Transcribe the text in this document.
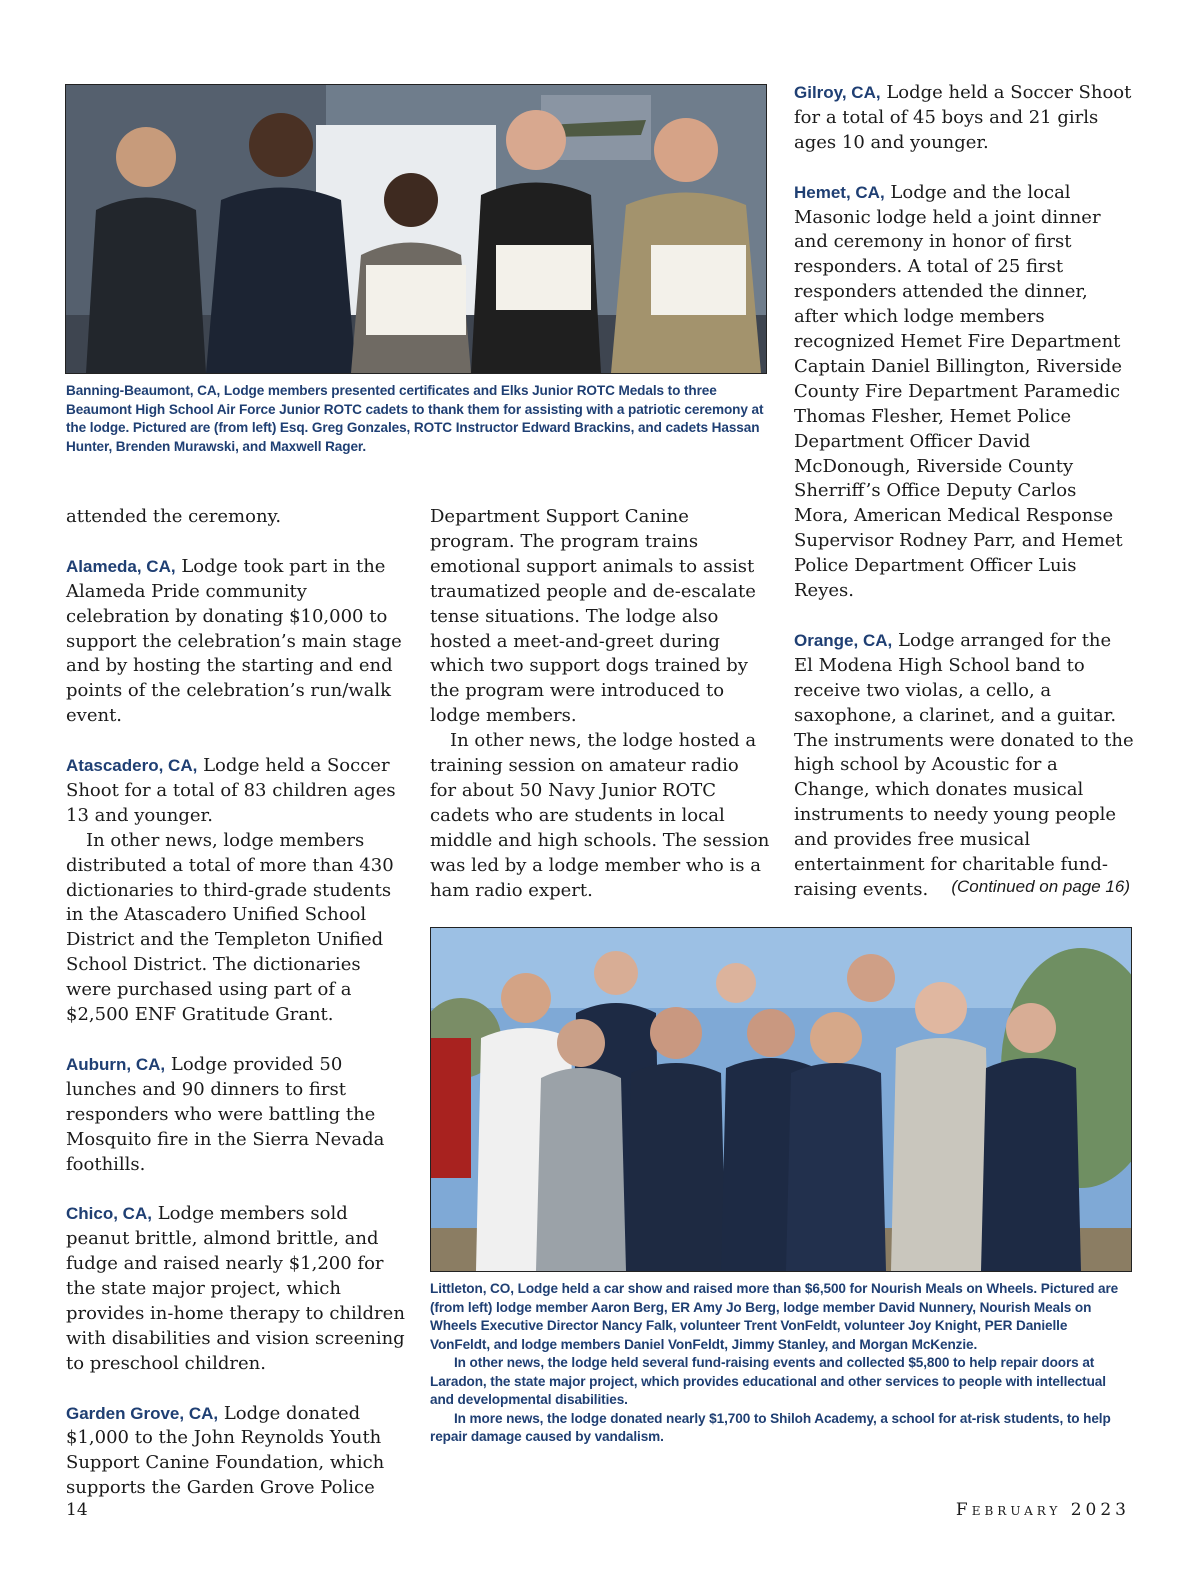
Banning-Beaumont, CA, Lodge members presented certificates and Elks Junior ROTC Medals to three Beaumont High School Air Force Junior ROTC cadets to thank them for assisting with a patriotic ceremony at the lodge. Pictured are (from left) Esq. Greg Gonzales, ROTC Instructor Edward Brackins, and cadets Hassan Hunter, Brenden Murawski, and Maxwell Rager.

attended the ceremony.

Alameda, CA, Lodge took part in the Alameda Pride community celebration by donating $10,000 to support the celebration’s main stage and by hosting the starting and end points of the celebration’s run/walk event.

Atascadero, CA, Lodge held a Soccer Shoot for a total of 83 children ages 13 and younger.

In other news, lodge members distributed a total of more than 430 dictionaries to third-grade students in the Atascadero Unified School District and the Templeton Unified School District. The dictionaries were purchased using part of a $2,500 ENF Gratitude Grant.

Auburn, CA, Lodge provided 50 lunches and 90 dinners to first responders who were battling the Mosquito fire in the Sierra Nevada foothills.

Chico, CA, Lodge members sold peanut brittle, almond brittle, and fudge and raised nearly $1,200 for the state major project, which provides in-home therapy to children with disabilities and vision screening to preschool children.

Garden Grove, CA, Lodge donated $1,000 to the John Reynolds Youth Support Canine Foundation, which supports the Garden Grove Police

Department Support Canine program. The program trains emotional support animals to assist traumatized people and de-escalate tense situations. The lodge also hosted a meet-and-greet during which two support dogs trained by the program were introduced to lodge members.

In other news, the lodge hosted a training session on amateur radio for about 50 Navy Junior ROTC cadets who are students in local middle and high schools. The session was led by a lodge member who is a ham radio expert.

Gilroy, CA, Lodge held a Soccer Shoot for a total of 45 boys and 21 girls ages 10 and younger.

Hemet, CA, Lodge and the local Masonic lodge held a joint dinner and ceremony in honor of first responders. A total of 25 first responders attended the dinner, after which lodge members recognized Hemet Fire Department Captain Daniel Billington, Riverside County Fire Department Paramedic Thomas Flesher, Hemet Police Department Officer David McDonough, Riverside County Sherriff’s Office Deputy Carlos Mora, American Medical Response Supervisor Rodney Parr, and Hemet Police Department Officer Luis Reyes.

Orange, CA, Lodge arranged for the El Modena High School band to receive two violas, a cello, a saxophone, a clarinet, and a guitar. The instruments were donated to the high school by Acoustic for a Change, which donates musical instruments to needy young people and provides free musical entertainment for charitable fund-raising events.	(Continued on page 16)

Littleton, CO, Lodge held a car show and raised more than $6,500 for Nourish Meals on Wheels. Pictured are (from left) lodge member Aaron Berg, ER Amy Jo Berg, lodge member David Nunnery, Nourish Meals on Wheels Executive Director Nancy Falk, volunteer Trent VonFeldt, volunteer Joy Knight, PER Danielle VonFeldt, and lodge members Daniel VonFeldt, Jimmy Stanley, and Morgan McKenzie.

In other news, the lodge held several fund-raising events and collected $5,800 to help repair doors at Laradon, the state major project, which provides educational and other services to people with intellectual and developmental disabilities.

In more news, the lodge donated nearly $1,700 to Shiloh Academy, a school for at-risk students, to help repair damage caused by vandalism.

14	February 2023
